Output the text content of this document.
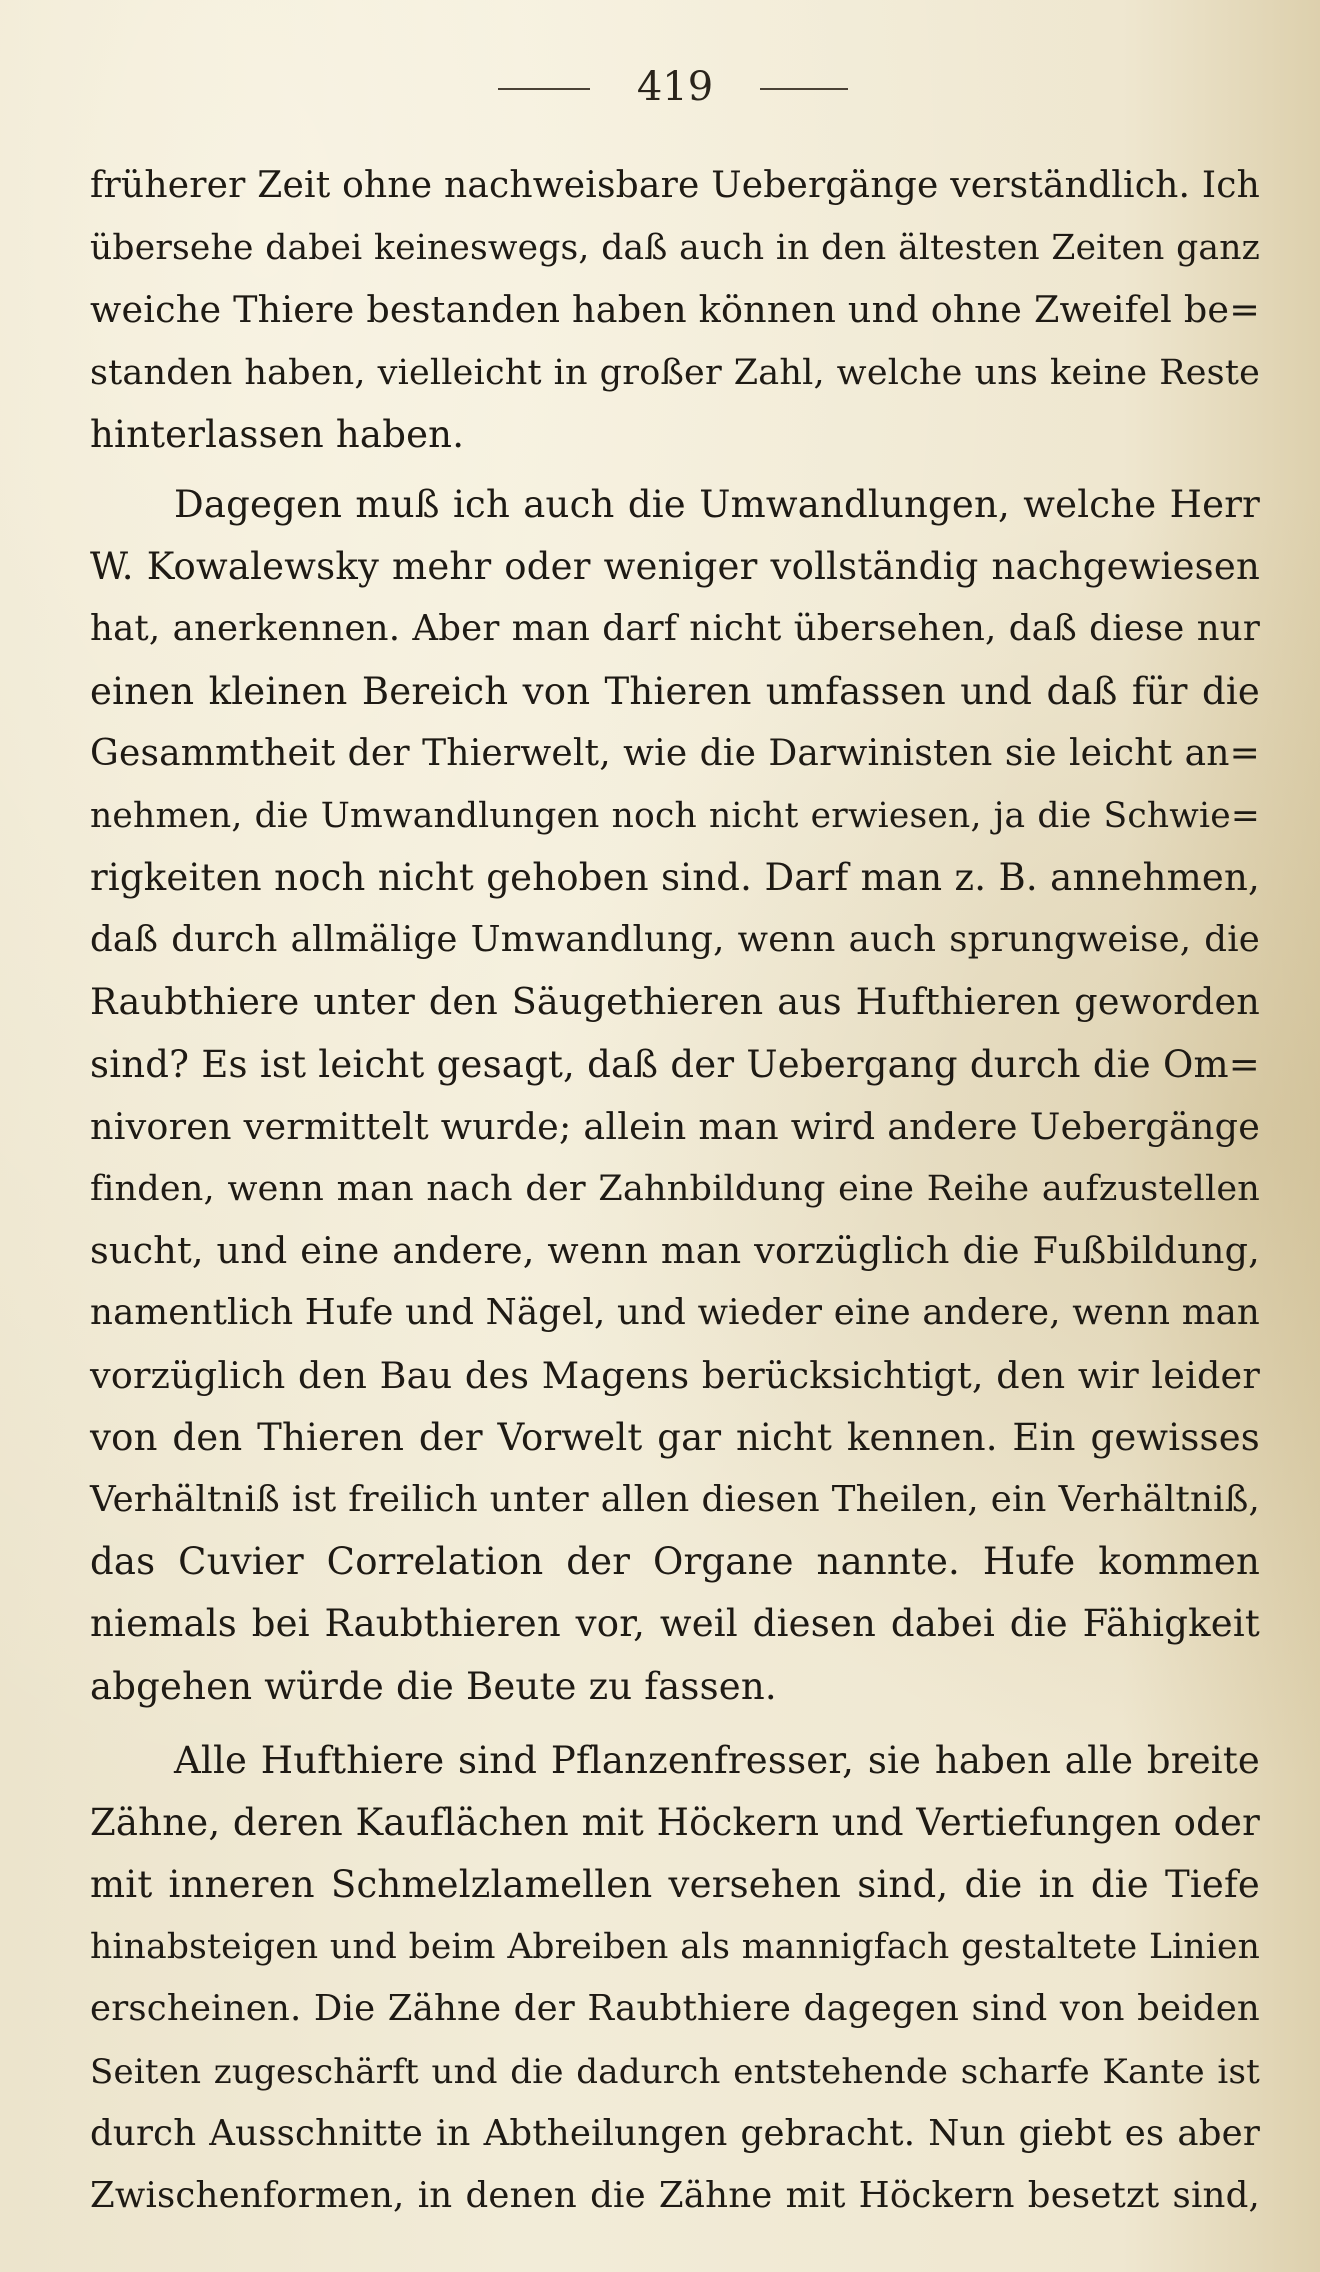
419
früherer Zeit ohne nachweisbare Uebergänge verständlich. Ich
übersehe dabei keineswegs, daß auch in den ältesten Zeiten ganz
weiche Thiere bestanden haben können und ohne Zweifel be=
standen haben, vielleicht in großer Zahl, welche uns keine Reste
hinterlassen haben.
Dagegen muß ich auch die Umwandlungen, welche Herr
W. Kowalewsky mehr oder weniger vollständig nachgewiesen
hat, anerkennen. Aber man darf nicht übersehen, daß diese nur
einen kleinen Bereich von Thieren umfassen und daß für die
Gesammtheit der Thierwelt, wie die Darwinisten sie leicht an=
nehmen, die Umwandlungen noch nicht erwiesen, ja die Schwie=
rigkeiten noch nicht gehoben sind. Darf man z. B. annehmen,
daß durch allmälige Umwandlung, wenn auch sprungweise, die
Raubthiere unter den Säugethieren aus Hufthieren geworden
sind? Es ist leicht gesagt, daß der Uebergang durch die Om=
nivoren vermittelt wurde; allein man wird andere Uebergänge
finden, wenn man nach der Zahnbildung eine Reihe aufzustellen
sucht, und eine andere, wenn man vorzüglich die Fußbildung,
namentlich Hufe und Nägel, und wieder eine andere, wenn man
vorzüglich den Bau des Magens berücksichtigt, den wir leider
von den Thieren der Vorwelt gar nicht kennen. Ein gewisses
Verhältniß ist freilich unter allen diesen Theilen, ein Verhältniß,
das Cuvier Correlation der Organe nannte. Hufe kommen
niemals bei Raubthieren vor, weil diesen dabei die Fähigkeit
abgehen würde die Beute zu fassen.
Alle Hufthiere sind Pflanzenfresser, sie haben alle breite
Zähne, deren Kauflächen mit Höckern und Vertiefungen oder
mit inneren Schmelzlamellen versehen sind, die in die Tiefe
hinabsteigen und beim Abreiben als mannigfach gestaltete Linien
erscheinen. Die Zähne der Raubthiere dagegen sind von beiden
Seiten zugeschärft und die dadurch entstehende scharfe Kante ist
durch Ausschnitte in Abtheilungen gebracht. Nun giebt es aber
Zwischenformen, in denen die Zähne mit Höckern besetzt sind,
